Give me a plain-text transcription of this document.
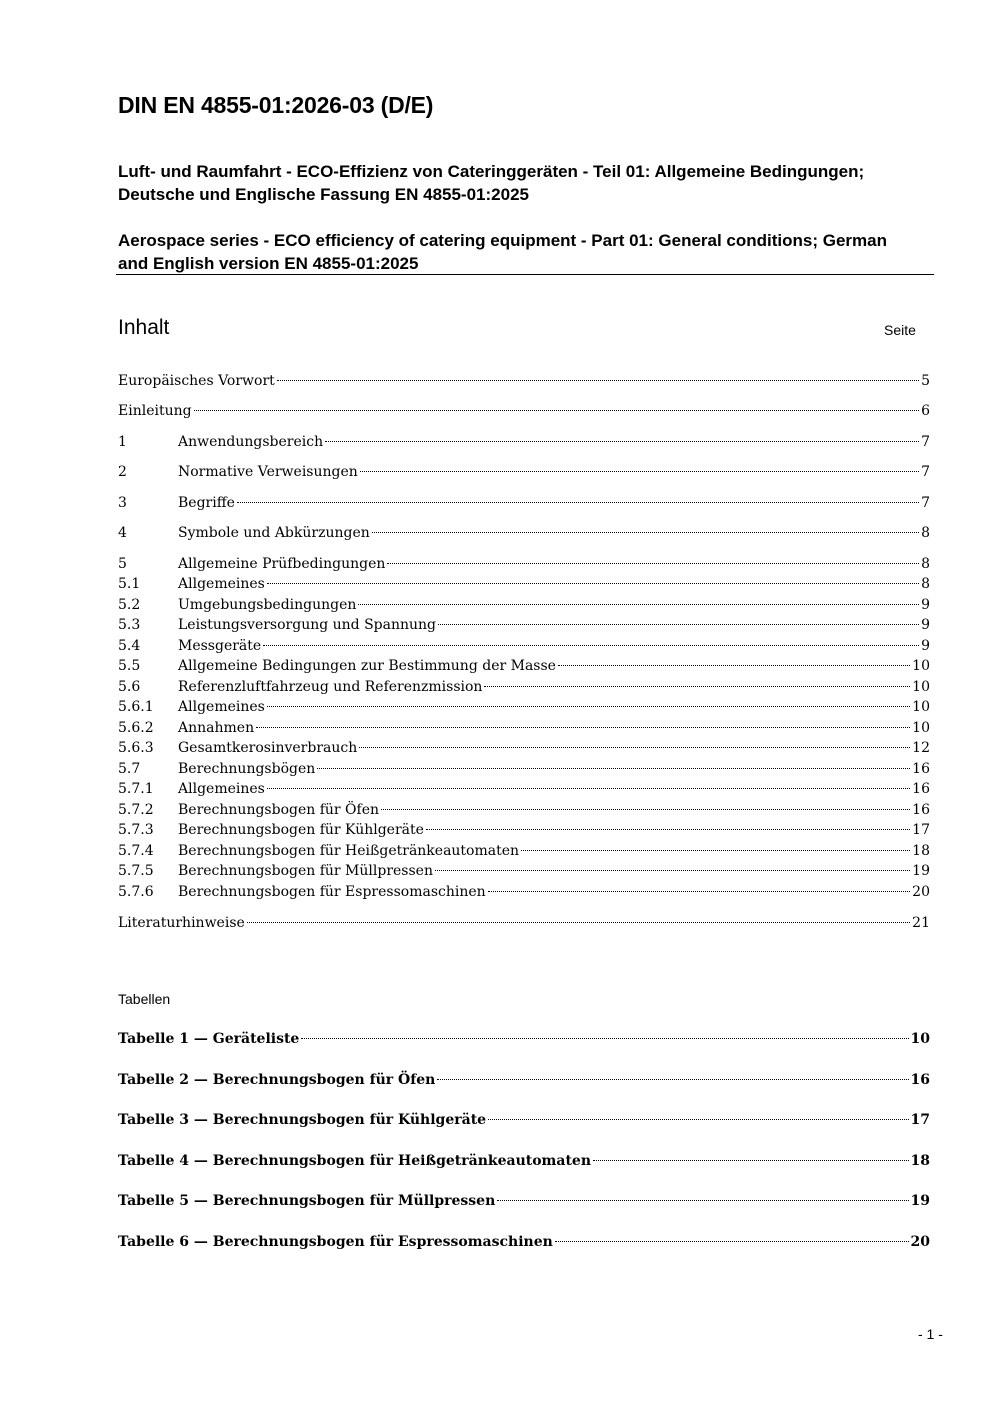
DIN EN 4855-01:2026-03 (D/E)
Luft- und Raumfahrt - ECO-Effizienz von Cateringgeräten - Teil 01: Allgemeine Bedingungen; Deutsche und Englische Fassung EN 4855-01:2025
Aerospace series - ECO efficiency of catering equipment - Part 01: General conditions; German and English version EN 4855-01:2025
Inhalt	Seite
Europäisches Vorwort	5
Einleitung	6
1	Anwendungsbereich	7
2	Normative Verweisungen	7
3	Begriffe	7
4	Symbole und Abkürzungen	8
5	Allgemeine Prüfbedingungen	8
5.1	Allgemeines	8
5.2	Umgebungsbedingungen	9
5.3	Leistungsversorgung und Spannung	9
5.4	Messgeräte	9
5.5	Allgemeine Bedingungen zur Bestimmung der Masse	10
5.6	Referenzluftfahrzeug und Referenzmission	10
5.6.1	Allgemeines	10
5.6.2	Annahmen	10
5.6.3	Gesamtkerosinverbrauch	12
5.7	Berechnungsbögen	16
5.7.1	Allgemeines	16
5.7.2	Berechnungsbogen für Öfen	16
5.7.3	Berechnungsbogen für Kühlgeräte	17
5.7.4	Berechnungsbogen für Heißgetränkeautomaten	18
5.7.5	Berechnungsbogen für Müllpressen	19
5.7.6	Berechnungsbogen für Espressomaschinen	20
Literaturhinweise	21
Tabellen
Tabelle 1 — Geräteliste	10
Tabelle 2 — Berechnungsbogen für Öfen	16
Tabelle 3 — Berechnungsbogen für Kühlgeräte	17
Tabelle 4 — Berechnungsbogen für Heißgetränkeautomaten	18
Tabelle 5 — Berechnungsbogen für Müllpressen	19
Tabelle 6 — Berechnungsbogen für Espressomaschinen	20
- 1 -
